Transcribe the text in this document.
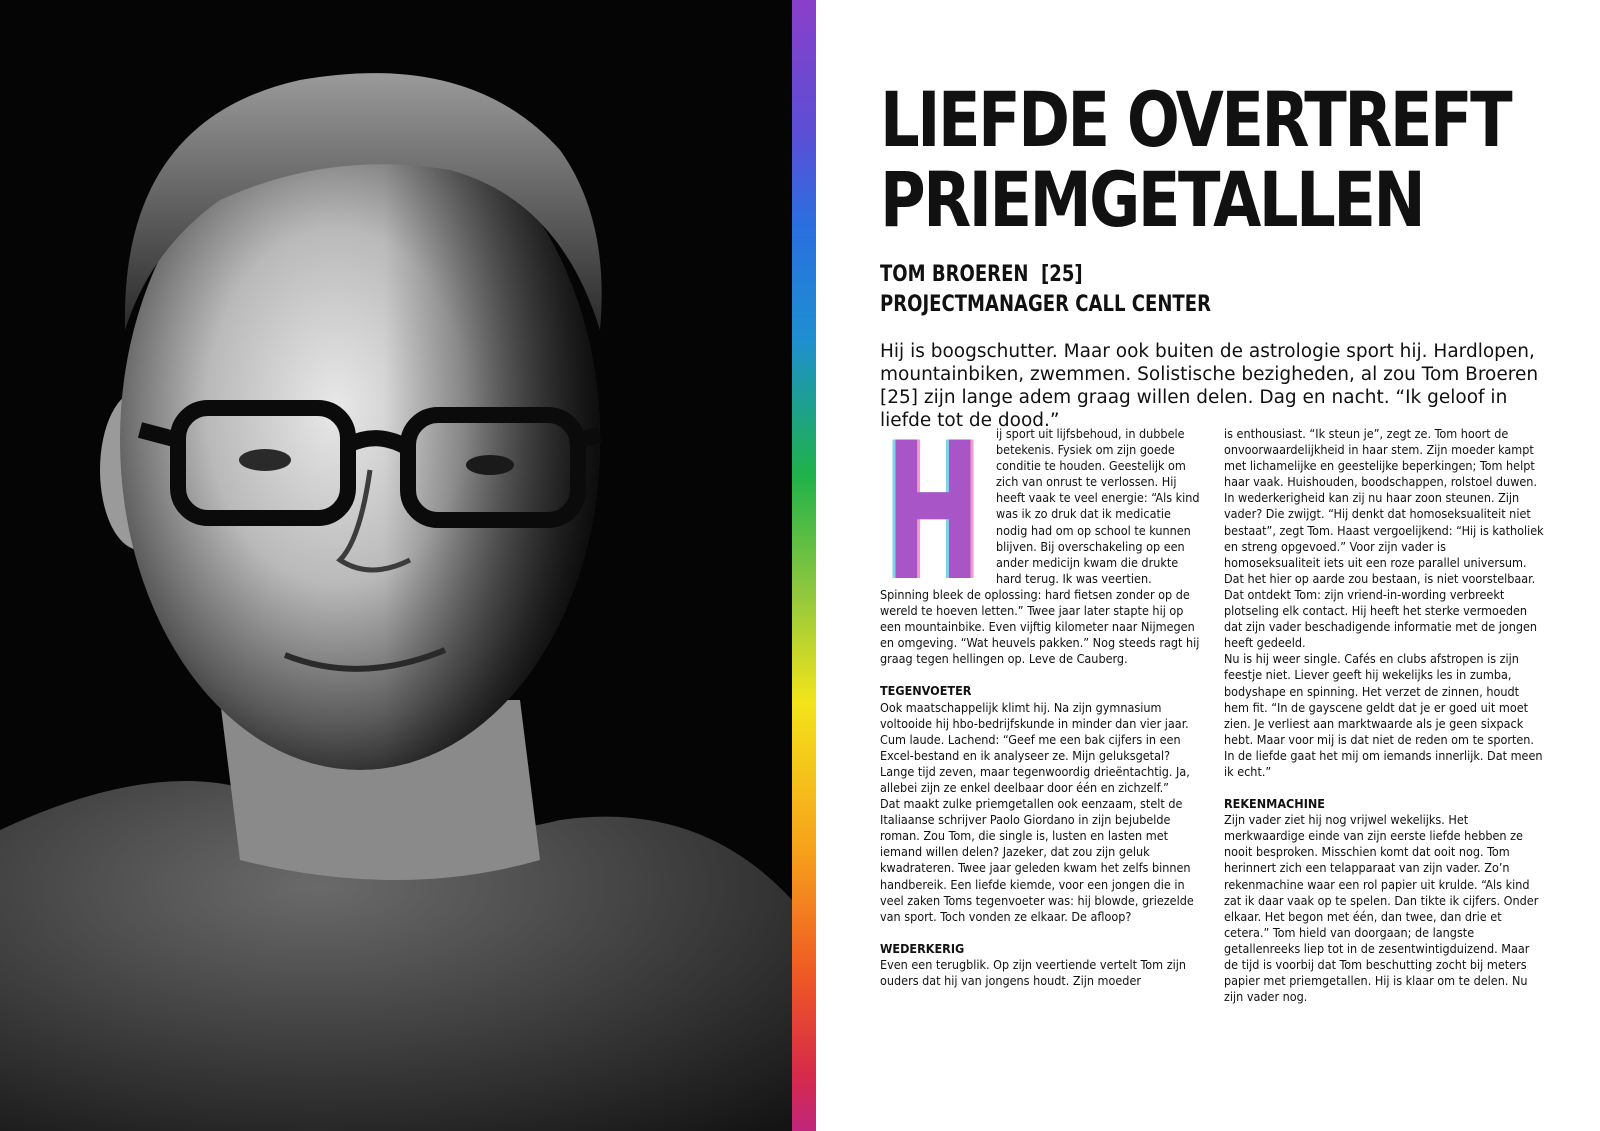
LIEFDE OVERTREFT
PRIEMGETALLEN
TOM BROEREN  [25]
PROJECTMANAGER CALL CENTER

Hij is boogschutter. Maar ook buiten de astrologie sport hij. Hardlopen, mountainbiken, zwemmen. Solistische bezigheden, al zou Tom Broeren [25] zijn lange adem graag willen delen. Dag en nacht. “Ik geloof in liefde tot de dood.”

H
H
H	ij sport uit lijfsbehoud, in dubbele betekenis. Fysiek om zijn goede conditie te houden. Geestelijk om zich van onrust te verlossen. Hij heeft vaak te veel energie: “Als kind was ik zo druk dat ik medicatie nodig had om op school te kunnen blijven. Bij overschakeling op een ander medicijn kwam die drukte hard terug. Ik was veertien. Spinning bleek de oplossing: hard fietsen zonder op de wereld te hoeven letten.” Twee jaar later stapte hij op een mountainbike. Even vijftig kilometer naar Nijmegen en omgeving. “Wat heuvels pakken.” Nog steeds ragt hij graag tegen hellingen op. Leve de Cauberg.

TEGENVOETER

Ook maatschappelijk klimt hij. Na zijn gymnasium voltooide hij hbo-bedrijfskunde in minder dan vier jaar. Cum laude. Lachend: “Geef me een bak cijfers in een Excel-bestand en ik analyseer ze. Mijn geluksgetal? Lange tijd zeven, maar tegenwoordig drieëntachtig. Ja, allebei zijn ze enkel deelbaar door één en zichzelf.”

Dat maakt zulke priemgetallen ook eenzaam, stelt de Italiaanse schrijver Paolo Giordano in zijn bejubelde roman. Zou Tom, die single is, lusten en lasten met iemand willen delen? Jazeker, dat zou zijn geluk kwadrateren. Twee jaar geleden kwam het zelfs binnen handbereik. Een liefde kiemde, voor een jongen die in veel zaken Toms tegenvoeter was: hij blowde, griezelde van sport. Toch vonden ze elkaar. De afloop?

WEDERKERIG

Even een terugblik. Op zijn veertiende vertelt Tom zijn ouders dat hij van jongens houdt. Zijn moeder

is enthousiast. “Ik steun je”, zegt ze. Tom hoort de onvoorwaardelijkheid in haar stem. Zijn moeder kampt met lichamelijke en geestelijke beperkingen; Tom helpt haar vaak. Huishouden, boodschappen, rolstoel duwen. In wederkerigheid kan zij nu haar zoon steunen. Zijn vader? Die zwijgt. “Hij denkt dat homoseksualiteit niet bestaat”, zegt Tom. Haast vergoelijkend: “Hij is katholiek en streng opgevoed.” Voor zijn vader is homoseksualiteit iets uit een roze parallel universum. Dat het hier op aarde zou bestaan, is niet voorstelbaar. Dat ontdekt Tom: zijn vriend-in-wording verbreekt plotseling elk contact. Hij heeft het sterke vermoeden dat zijn vader beschadigende informatie met de jongen heeft gedeeld.

Nu is hij weer single. Cafés en clubs afstropen is zijn feestje niet. Liever geeft hij wekelijks les in zumba, bodyshape en spinning. Het verzet de zinnen, houdt hem fit. “In de gayscene geldt dat je er goed uit moet zien. Je verliest aan marktwaarde als je geen sixpack hebt. Maar voor mij is dat niet de reden om te sporten. In de liefde gaat het mij om iemands innerlijk. Dat meen ik echt.”

REKENMACHINE

Zijn vader ziet hij nog vrijwel wekelijks. Het merkwaardige einde van zijn eerste liefde hebben ze nooit besproken. Misschien komt dat ooit nog. Tom herinnert zich een telapparaat van zijn vader. Zo’n rekenmachine waar een rol papier uit krulde. “Als kind zat ik daar vaak op te spelen. Dan tikte ik cijfers. Onder elkaar. Het begon met één, dan twee, dan drie et cetera.” Tom hield van doorgaan; de langste getallenreeks liep tot in de zesentwintigduizend. Maar de tijd is voorbij dat Tom beschutting zocht bij meters papier met priemgetallen. Hij is klaar om te delen. Nu zijn vader nog.
